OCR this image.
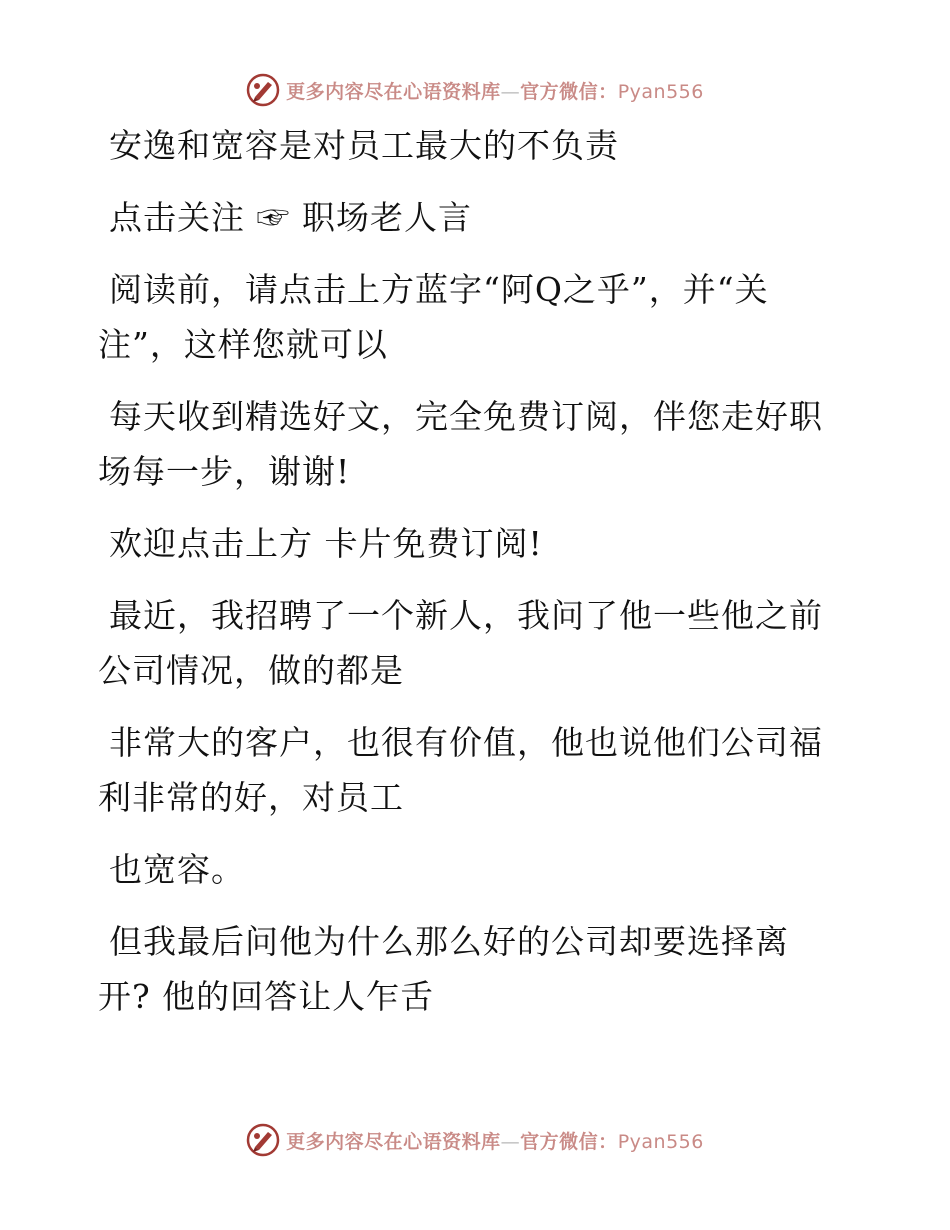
更多内容尽在心语资料库—官方微信：Pyan556

安逸和宽容是对员工最大的不负责

点击关注 ☞ 职场老人言

阅读前，请点击上方蓝字“阿Q之乎”，并“关注”，这样您就可以

每天收到精选好文，完全免费订阅，伴您走好职场每一步，谢谢!

欢迎点击上方 卡片免费订阅!

最近，我招聘了一个新人，我问了他一些他之前公司情况，做的都是

非常大的客户，也很有价值，他也说他们公司福利非常的好，对员工

也宽容。

但我最后问他为什么那么好的公司却要选择离开? 他的回答让人乍舌

更多内容尽在心语资料库—官方微信：Pyan556
